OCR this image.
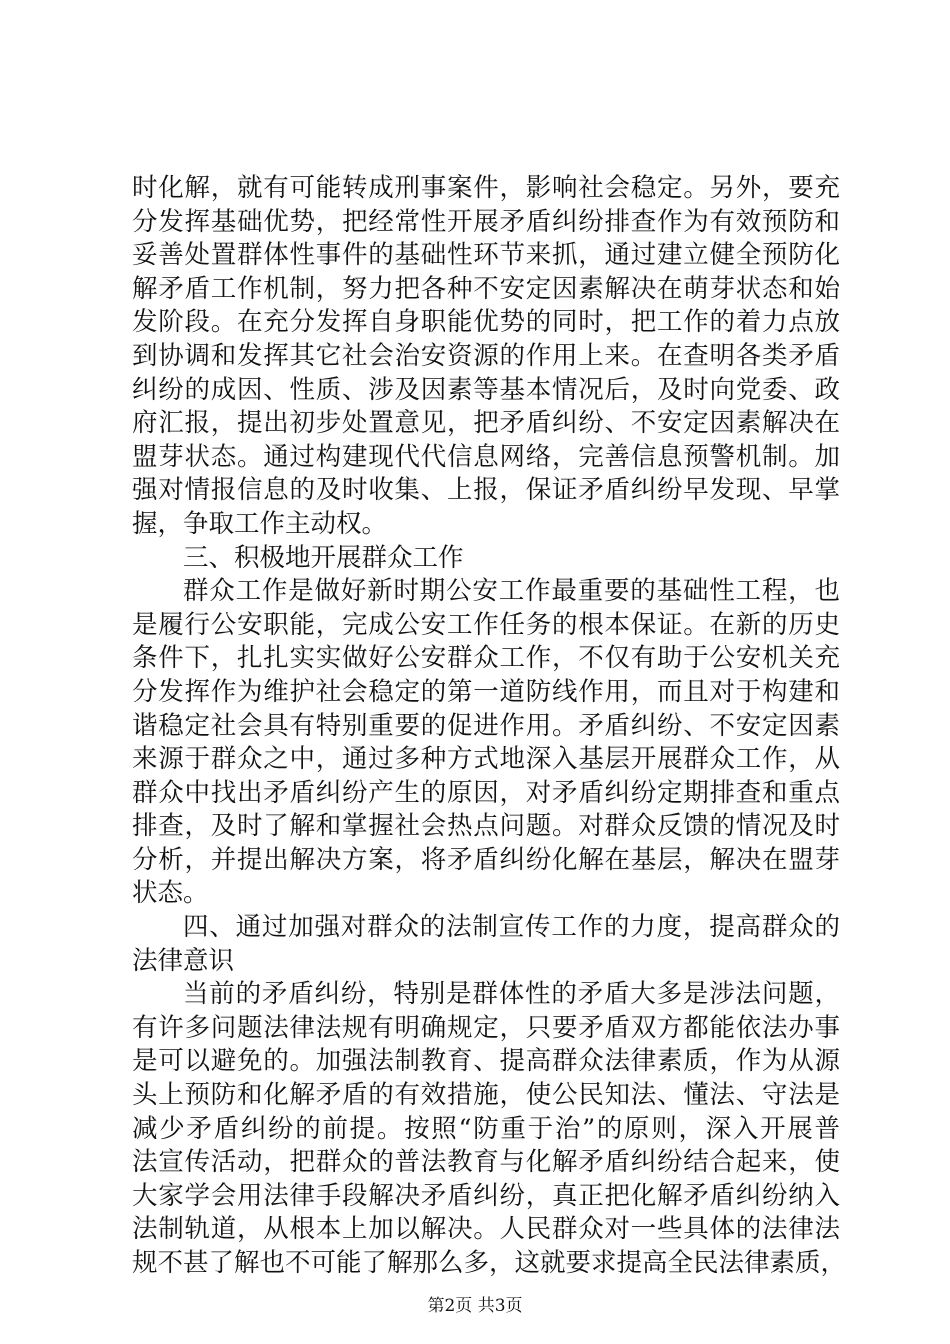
时化解，就有可能转成刑事案件，影响社会稳定。另外，要充
分发挥基础优势，把经常性开展矛盾纠纷排查作为有效预防和
妥善处置群体性事件的基础性环节来抓，通过建立健全预防化
解矛盾工作机制，努力把各种不安定因素解决在萌芽状态和始
发阶段。在充分发挥自身职能优势的同时，把工作的着力点放
到协调和发挥其它社会治安资源的作用上来。在查明各类矛盾
纠纷的成因、性质、涉及因素等基本情况后，及时向党委、政
府汇报，提出初步处置意见，把矛盾纠纷、不安定因素解决在
盟芽状态。通过构建现代代信息网络，完善信息预警机制。加
强对情报信息的及时收集、上报，保证矛盾纠纷早发现、早掌
握，争取工作主动权。
三、积极地开展群众工作
群众工作是做好新时期公安工作最重要的基础性工程，也
是履行公安职能，完成公安工作任务的根本保证。在新的历史
条件下，扎扎实实做好公安群众工作，不仅有助于公安机关充
分发挥作为维护社会稳定的第一道防线作用，而且对于构建和
谐稳定社会具有特别重要的促进作用。矛盾纠纷、不安定因素
来源于群众之中，通过多种方式地深入基层开展群众工作，从
群众中找出矛盾纠纷产生的原因，对矛盾纠纷定期排查和重点
排查，及时了解和掌握社会热点问题。对群众反馈的情况及时
分析，并提出解决方案，将矛盾纠纷化解在基层，解决在盟芽
状态。
四、通过加强对群众的法制宣传工作的力度，提高群众的
法律意识
当前的矛盾纠纷，特别是群体性的矛盾大多是涉法问题，
有许多问题法律法规有明确规定，只要矛盾双方都能依法办事
是可以避免的。加强法制教育、提高群众法律素质，作为从源
头上预防和化解矛盾的有效措施，使公民知法、懂法、守法是
减少矛盾纠纷的前提。按照“防重于治”的原则，深入开展普
法宣传活动，把群众的普法教育与化解矛盾纠纷结合起来，使
大家学会用法律手段解决矛盾纠纷，真正把化解矛盾纠纷纳入
法制轨道，从根本上加以解决。人民群众对一些具体的法律法
规不甚了解也不可能了解那么多，这就要求提高全民法律素质，
第2页 共3页
